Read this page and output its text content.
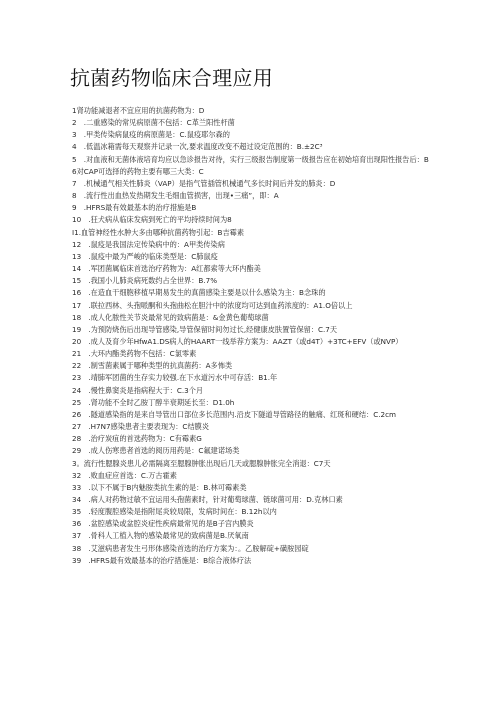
抗菌药物临床合理应用
1肾功能减退者不宜应用的抗菌药物为：D
2　.二重感染的常见病原菌不包括：C革兰阳性杆菌
3　.甲类传染病鼠疫的病原菌是：C.鼠疫耶尔森的
4　.低温冰箱需每天观察并记录一次,要求温度改变不超过设定范围的：B.±2C³
5　.对血液和无菌体液培育均应以急诊报告对待，实行三级报告制度第一级报告应在初始培育出现阳性报告后：B
6对CAP可选择的药物主要有哪三大类：C
7　.机械通气相关性肺炎（VAP）是指气管插管机械通气多长时间后并发的肺炎：D
8　.流行性出血热发热期发生毛细血管损害，出现•三痛”，即：A
9　.HFRS最有效最基本的治疗措施是B
10　.狂犬病从临床发病到死亡的平均持续时间为8
I1.血管神经性水肿大多由哪种抗菌药物引起：B吉霉素
12　.鼠疫是我国法定传染病中的：A甲类传染病
13　.鼠疫中最为严峻的临床类型是：C肺鼠疫
14　.军团菌属临床首选治疗药物为：A红都索等大环内酯美
15　.我国小儿肺炎病死数约占全世界：B.7%
16　.在造血干细胞移植早期易发生的真菌感染主要是以什么感染为主：B念珠的
17　.联拉西林、头孢哌酮和头孢曲松在胆汁中的浓度均可达到血药浓度的：A1.O倍以上
18　.成人化脓性关节炎最常见的致病菌是：&金黄色葡萄球菌
19　.为预防烧伤后出现导管感染,导管保留时间勿过长,经健康皮肤置管保留：C.7天
20　.成人及育少年HfwA1.DS病人的HAART一线举荐方案为：AAZT（或d4T）+3TC+EFV（或NVP）
21　.大环内酯类药物不包括：C氯零素
22　.制雪菌素属于哪种类型的抗真菌药：A多怖类
23　.靖肺军团菌的生存实力较强.在下水道污水中可存活：B1.年
24　.慢性鼻窦炎是指病程大于：C.3个月
25　.肾功能不全时乙胺丁醇半衰期延长至：D1.0h
26　.隧道感染指的是来自导管出口部位多长范围内.沿皮下隧道导管路径的触痛、红斑和硬结：C.2cm
27　.H7N7感染患者主要表现为：C结膜炎
28　.治疗炭疽的首选药物为：C有霉素G
29　.成人伤寒患者首选的阅历用药是：C氟建诺场类
3。流行性腮腺炎患儿必需隔离至腮腺肿胀出现后几天或腮腺肿胀完全消退：C7天
32　.败血症应首选：C.万古霍素
33　.以下不属于B内魅胺类抗生素的是：B.林可霉素类
34　.病人对药物过敏不宜运用头孢菌素时，针对葡萄球菌、链球菌可用：D.克林口素
35　.轻度腹腔感染是指附尾炎较局限，发病时间在：B.12h以内
36　.盆腔感染或盆腔炎症性疾病最常见的是B子宫内膜炎
37　.骨科人工植入物的感染最常见的致病菌是B.厌氧南
38　.艾滋病患者发生弓形体感染首选的治疗方案为：。乙胺解碇+磺胺园碇
39　.HFRS最有效最基本的治疗措施是：B综合液体疗法
